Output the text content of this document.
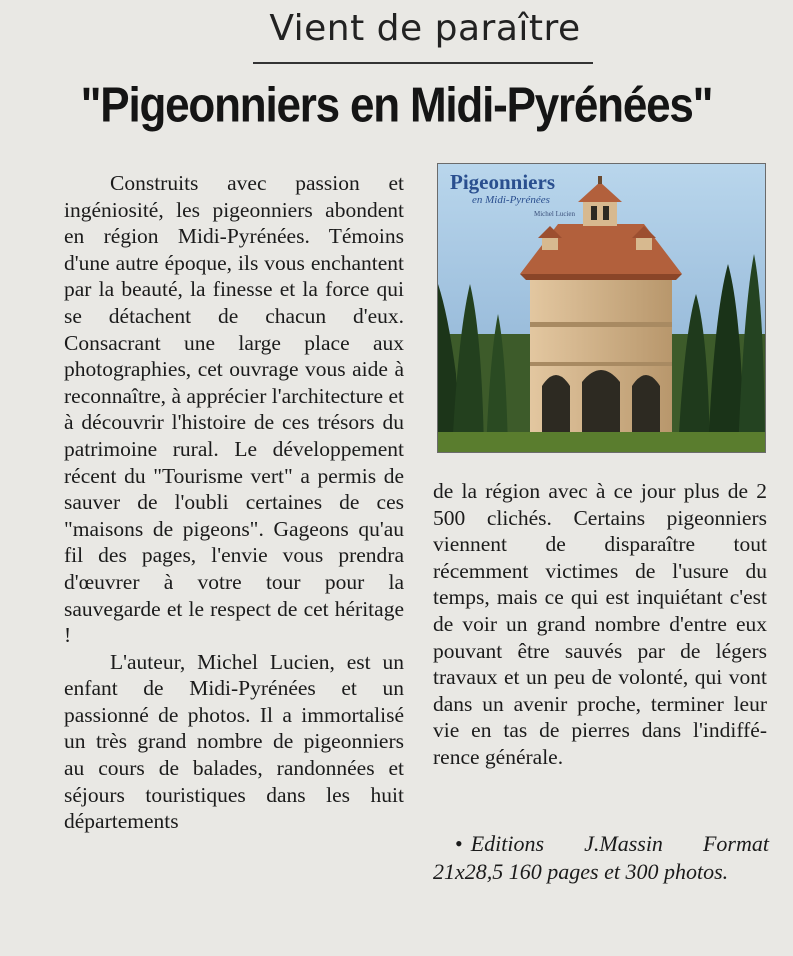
Vient de paraître
"Pigeonniers en Midi-Pyrénées"

Construits avec passion et ingéniosité, les pigeonniers abondent en région Midi-Pyrénées. Témoins d'une autre époque, ils vous enchantent par la beauté, la finesse et la force qui se détachent de chacun d'eux. Consacrant une large place aux photographies, cet ouvrage vous aide à reconnaître, à apprécier l'architecture et à découvrir l'histoire de ces trésors du patrimoine rural. Le développement récent du "Tourisme vert" a permis de sauver de l'oubli certaines de ces "maisons de pigeons". Gageons qu'au fil des pages, l'envie vous prendra d'œuvrer à votre tour pour la sauvegarde et le respect de cet héritage !

L'auteur, Michel Lucien, est un enfant de Midi-Pyrénées et un passionné de photos. Il a immortalisé un très grand nombre de pigeonniers au cours de balades, randonnées et séjours touristiques dans les huit départements

Pigeonniers
en Midi-Pyrénées
Michel Lucien

de la région avec à ce jour plus de 2 500 clichés. Certains pigeonniers viennent de disparaître tout récemment victimes de l'usure du temps, mais ce qui est inquiétant c'est de voir un grand nombre d'entre eux pouvant être sauvés par de légers travaux et un peu de volonté, qui vont dans un avenir proche, terminer leur vie en tas de pierres dans l'indifférence générale.

• Editions J.Massin Format 21x28,5 160 pages et 300 photos.
